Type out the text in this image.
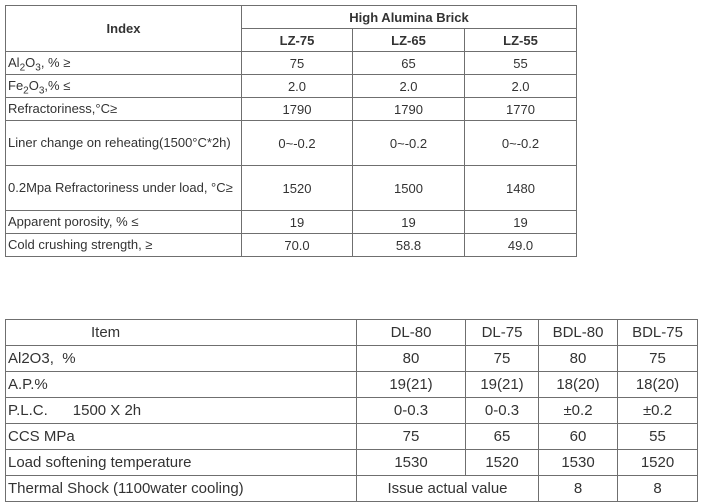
Index	High Alumina Brick		
	LZ-75	LZ-65	LZ-55
$Al_2O_3$, % ≥	75	65	55
$Fe_2O_3,\%$ ≤	2.0	2.0	2.0
Refractoriness,°C≥	1790	1790	1770
Liner change on reheating(1500°C*2h)	0~-0.2	0~-0.2	0~-0.2
0.2Mpa Refractoriness under load, °C≥	1520	1500	1480
Apparent porosity, % ≤	19	19	19
Cold crushing strength, ≥	70.0	58.8	49.0
Item	DL-80	DL-75	BDL-80	BDL-75
Al2O3,  %	80	75	80	75
A.P.%	19(21)	19(21)	18(20)	18(20)
P.L.C.      1500 X 2h	0-0.3	0-0.3	±0.2	±0.2
CCS MPa	75	65	60	55
Load softening temperature	1530	1520	1530	1520
Thermal Shock (1100water cooling)	Issue actual value		8	8
